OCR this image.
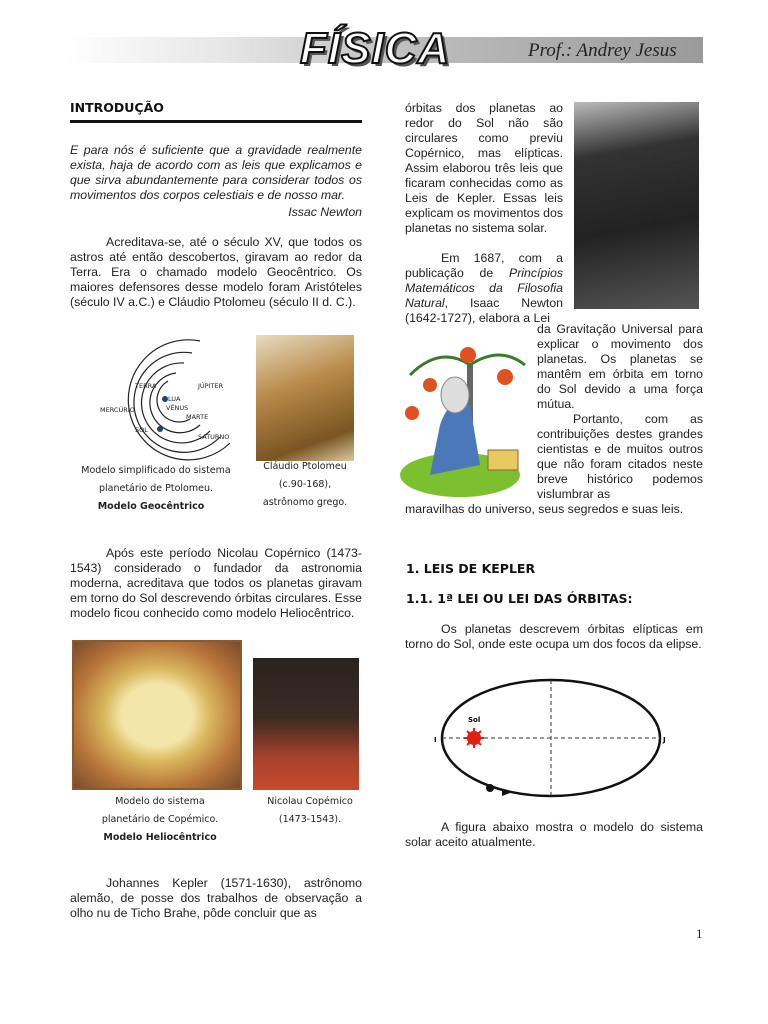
FÍSICA	Prof.: Andrey Jesus
INTRODUÇÃO
E para nós é suficiente que a gravidade realmente exista, haja de acordo com as leis que explicamos e que sirva abundantemente para considerar todos os movimentos dos corpos celestiais e de nosso mar.
Issac Newton
Acreditava-se, até o século XV, que todos os astros até então descobertos, giravam ao redor da Terra. Era o chamado modelo Geocêntrico. Os maiores defensores desse modelo foram Aristóteles (século IV a.C.) e Cláudio Ptolomeu (século II d. C.).
TERRA
LUA
MERCÚRIO	VÊNUS
SOL
JÚPITER
MARTE
SATURNO
Modelo simplificado do sistema planetário de Ptolomeu.
Modelo Geocêntrico
Cláudio Ptolomeu
(c.90-168),
astrônomo grego.
Após este período Nicolau Copérnico (1473-1543) considerado o fundador da astronomia moderna, acreditava que todos os planetas giravam em torno do Sol descrevendo órbitas circulares. Esse modelo ficou conhecido como modelo Heliocêntrico.
Modelo do sistema
planetário de Copémico.
Modelo Heliocêntrico
Nicolau Copémico
(1473-1543).
Johannes Kepler (1571-1630), astrônomo alemão, de posse dos trabalhos de observação a olho nu de Ticho Brahe, pôde concluir que as
órbitas dos planetas ao redor do Sol não são circulares como previu Copérnico, mas elípticas. Assim elaborou três leis que ficaram conhecidas como as Leis de Kepler. Essas leis explicam os movimentos dos planetas no sistema solar.
Em 1687, com a publicação de Princípios Matemáticos da Filosofia Natural, Isaac Newton (1642-1727), elabora a Lei
da Gravitação Universal para explicar o movimento dos planetas. Os planetas se mantêm em órbita em torno do Sol devido a uma força mútua.
Portanto, com as contribuições destes grandes cientistas e de muitos outros que não foram citados neste breve histórico podemos vislumbrar as
maravilhas do universo, seus segredos e suas leis.
1. LEIS DE KEPLER
1.1. 1ª LEI OU LEI DAS ÓRBITAS:
Os planetas descrevem órbitas elípticas em torno do Sol, onde este ocupa um dos focos da elipse.
Sol
I	J
A figura abaixo mostra o modelo do sistema solar aceito atualmente.
1
